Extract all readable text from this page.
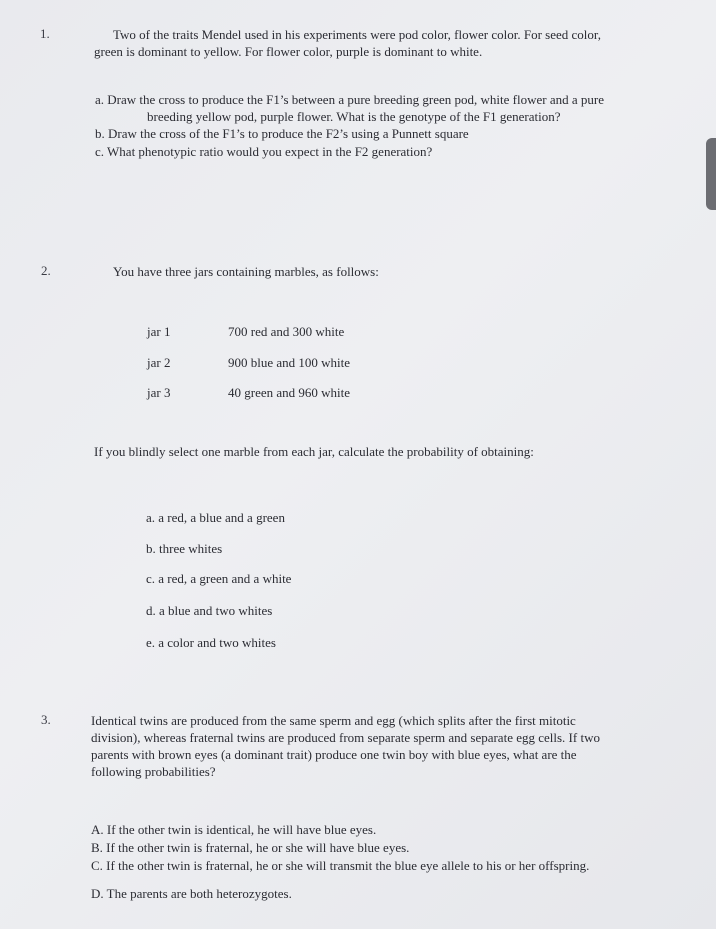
1.	Two of the traits Mendel used in his experiments were pod color, flower color. For seed color,
green is dominant to yellow. For flower color, purple is dominant to white.
a. Draw the cross to produce the F1’s between a pure breeding green pod, white flower and a pure
breeding yellow pod, purple flower. What is the genotype of the F1 generation?
b. Draw the cross of the F1’s to produce the F2’s using a Punnett square
c. What phenotypic ratio would you expect in the F2 generation?
2.	You have three jars containing marbles, as follows:
jar 1	700 red and 300 white
jar 2	900 blue and 100 white
jar 3	40 green and 960 white
If you blindly select one marble from each jar, calculate the probability of obtaining:
a. a red, a blue and a green
b. three whites
c. a red, a green and a white
d. a blue and two whites
e. a color and two whites
3.	Identical twins are produced from the same sperm and egg (which splits after the first mitotic
division), whereas fraternal twins are produced from separate sperm and separate egg cells. If two
parents with brown eyes (a dominant trait) produce one twin boy with blue eyes, what are the
following probabilities?
A. If the other twin is identical, he will have blue eyes.
B. If the other twin is fraternal, he or she will have blue eyes.
C. If the other twin is fraternal, he or she will transmit the blue eye allele to his or her offspring.
D. The parents are both heterozygotes.
